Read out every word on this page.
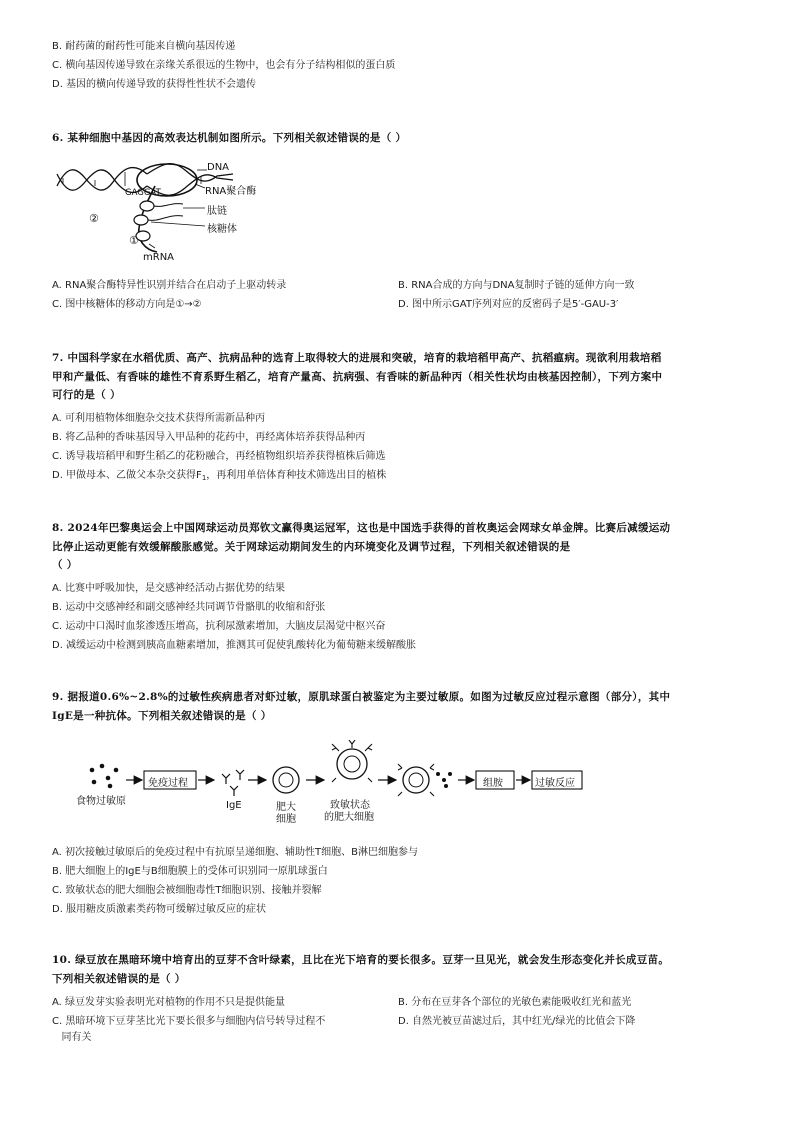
B. 耐药菌的耐药性可能来自横向基因传递
C. 横向基因传递导致在亲缘关系很远的生物中，也会有分子结构相似的蛋白质
D. 基因的横向传递导致的获得性性状不会遗传
6. 某种细胞中基因的高效表达机制如图所示。下列相关叙述错误的是（ ）
DNA
RNA聚合酶
肽链
核糖体
mRNA
GAGGAT
②
①
A. RNA聚合酶特异性识别并结合在启动子上驱动转录	B. RNA合成的方向与DNA复制时子链的延伸方向一致
C. 图中核糖体的移动方向是①→②	D. 图中所示GAT序列对应的反密码子是5′-GAU-3′
7. 中国科学家在水稻优质、高产、抗病品种的选育上取得较大的进展和突破，培育的栽培稻甲高产、抗稻瘟病。现欲利用栽培稻
甲和产量低、有香味的雄性不育系野生稻乙，培育产量高、抗病强、有香味的新品种丙（相关性状均由核基因控制），下列方案中
可行的是（ ）
A. 可利用植物体细胞杂交技术获得所需新品种丙
B. 将乙品种的香味基因导入甲品种的花药中，再经离体培养获得品种丙
C. 诱导栽培稻甲和野生稻乙的花粉融合，再经植物组织培养获得植株后筛选
D. 甲做母本、乙做父本杂交获得$F_1$，再利用单倍体育种技术筛选出目的植株
8. 2024年巴黎奥运会上中国网球运动员郑钦文赢得奥运冠军，这也是中国选手获得的首枚奥运会网球女单金牌。比赛后减缓运动
比停止运动更能有效缓解酸胀感觉。关于网球运动期间发生的内环境变化及调节过程，下列相关叙述错误的是
（ ）
A. 比赛中呼吸加快，是交感神经活动占据优势的结果
B. 运动中交感神经和副交感神经共同调节骨骼肌的收缩和舒张
C. 运动中口渴时血浆渗透压增高，抗利尿激素增加，大脑皮层渴觉中枢兴奋
D. 减缓运动中检测到胰高血糖素增加，推测其可促使乳酸转化为葡萄糖来缓解酸胀
9. 据报道0.6%~2.8%的过敏性疾病患者对虾过敏，原肌球蛋白被鉴定为主要过敏原。如图为过敏反应过程示意图（部分），其中
IgE是一种抗体。下列相关叙述错误的是（ ）
食物过敏原
免疫过程
IgE	肥大
细胞
致敏状态
的肥大细胞
组胺	过敏反应
A. 初次接触过敏原后的免疫过程中有抗原呈递细胞、辅助性T细胞、B淋巴细胞参与
B. 肥大细胞上的IgE与B细胞膜上的受体可识别同一原肌球蛋白
C. 致敏状态的肥大细胞会被细胞毒性T细胞识别、接触并裂解
D. 服用糖皮质激素类药物可缓解过敏反应的症状
10. 绿豆放在黑暗环境中培育出的豆芽不含叶绿素，且比在光下培育的要长很多。豆芽一旦见光，就会发生形态变化并长成豆苗。
下列相关叙述错误的是（ ）
A. 绿豆发芽实验表明光对植物的作用不只是提供能量	B. 分布在豆芽各个部位的光敏色素能吸收红光和蓝光
C. 黑暗环境下豆芽茎比光下要长很多与细胞内信号转导过程不	D. 自然光被豆苗滤过后，其中红光/绿光的比值会下降
同有关
